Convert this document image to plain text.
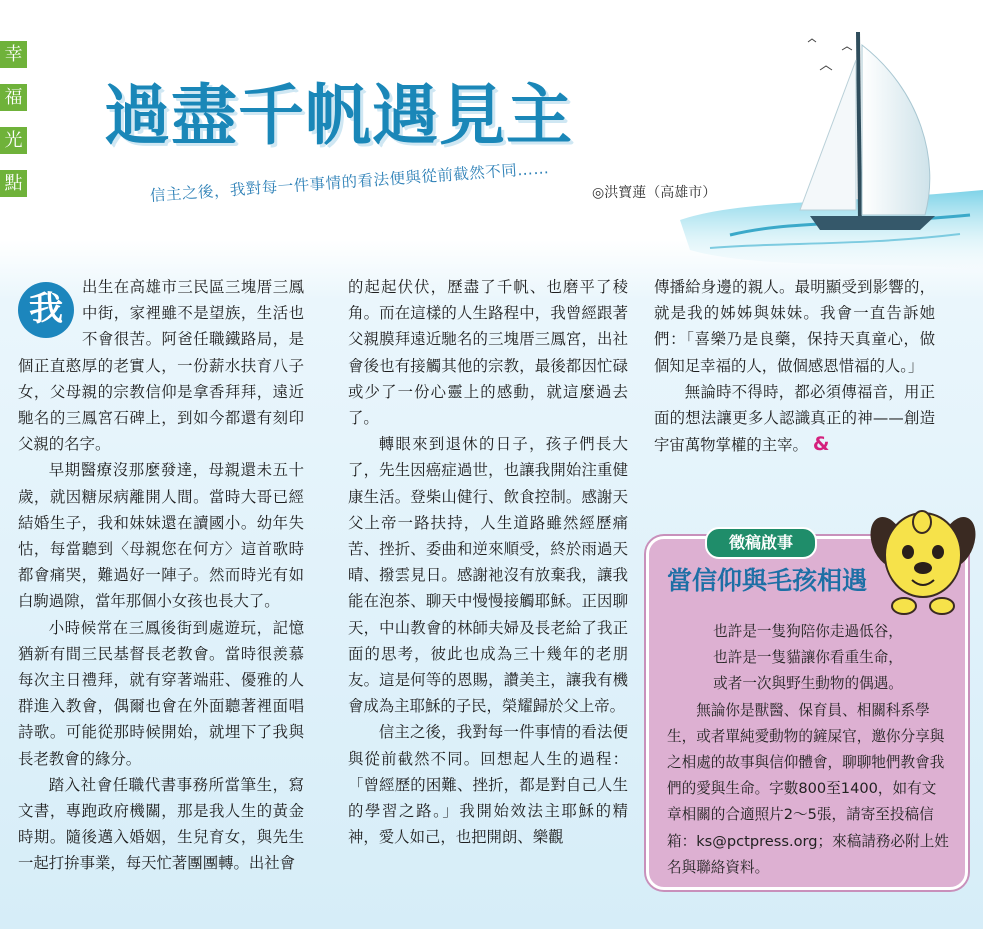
幸
福
光
點
過盡千帆遇見主
信主之後，我對每一件事情的看法便與從前截然不同……	◎洪寶蓮（高雄市）
我

出生在高雄市三民區三塊厝三鳳中街，家裡雖不是望族，生活也不會很苦。阿爸任職鐵路局，是個正直憨厚的老實人，一份薪水扶育八子女，父母親的宗教信仰是拿香拜拜，遠近馳名的三鳳宮石碑上，到如今都還有刻印父親的名字。

早期醫療沒那麼發達，母親還未五十歲，就因糖尿病離開人間。當時大哥已經結婚生子，我和妹妹還在讀國小。幼年失怙，每當聽到〈母親您在何方〉這首歌時都會痛哭，難過好一陣子。然而時光有如白駒過隙，當年那個小女孩也長大了。

小時候常在三鳳後街到處遊玩，記憶猶新有間三民基督長老教會。當時很羨慕每次主日禮拜，就有穿著端莊、優雅的人群進入教會，偶爾也會在外面聽著裡面唱詩歌。可能從那時候開始，就埋下了我與長老教會的緣分。

踏入社會任職代書事務所當筆生，寫文書，專跑政府機關，那是我人生的黃金時期。隨後邁入婚姻，生兒育女，與先生一起打拚事業，每天忙著團團轉。出社會

的起起伏伏，歷盡了千帆、也磨平了稜角。而在這樣的人生路程中，我曾經跟著父親膜拜遠近馳名的三塊厝三鳳宮，出社會後也有接觸其他的宗教，最後都因忙碌或少了一份心靈上的感動，就這麼過去了。

轉眼來到退休的日子，孩子們長大了，先生因癌症過世，也讓我開始注重健康生活。登柴山健行、飲食控制。感謝天父上帝一路扶持，人生道路雖然經歷痛苦、挫折、委曲和逆來順受，終於雨過天晴、撥雲見日。感謝祂沒有放棄我，讓我能在泡茶、聊天中慢慢接觸耶穌。正因聊天，中山教會的林師夫婦及長老給了我正面的思考，彼此也成為三十幾年的老朋友。這是何等的恩賜，讚美主，讓我有機會成為主耶穌的子民，榮耀歸於父上帝。

信主之後，我對每一件事情的看法便與從前截然不同。回想起人生的過程：「曾經歷的困難、挫折，都是對自己人生的學習之路。」我開始效法主耶穌的精神，愛人如己，也把開朗、樂觀

傳播給身邊的親人。最明顯受到影響的，就是我的姊姊與妹妹。我會一直告訴她們：「喜樂乃是良藥，保持天真童心，做個知足幸福的人，做個感恩惜福的人。」

無論時不得時，都必須傳福音，用正面的想法讓更多人認識真正的神——創造宇宙萬物掌權的主宰。 &

徵稿啟事
當信仰與毛孩相遇

也許是一隻狗陪你走過低谷，

也許是一隻貓讓你看重生命，

或者一次與野生動物的偶遇。

無論你是獸醫、保育員、相關科系學生，或者單純愛動物的鏟屎官，邀你分享與之相處的故事與信仰體會，聊聊牠們教會我們的愛與生命。字數800至1400，如有文章相關的合適照片2～5張，請寄至投稿信箱：ks@pctpress.org；來稿請務必附上姓名與聯絡資料。
